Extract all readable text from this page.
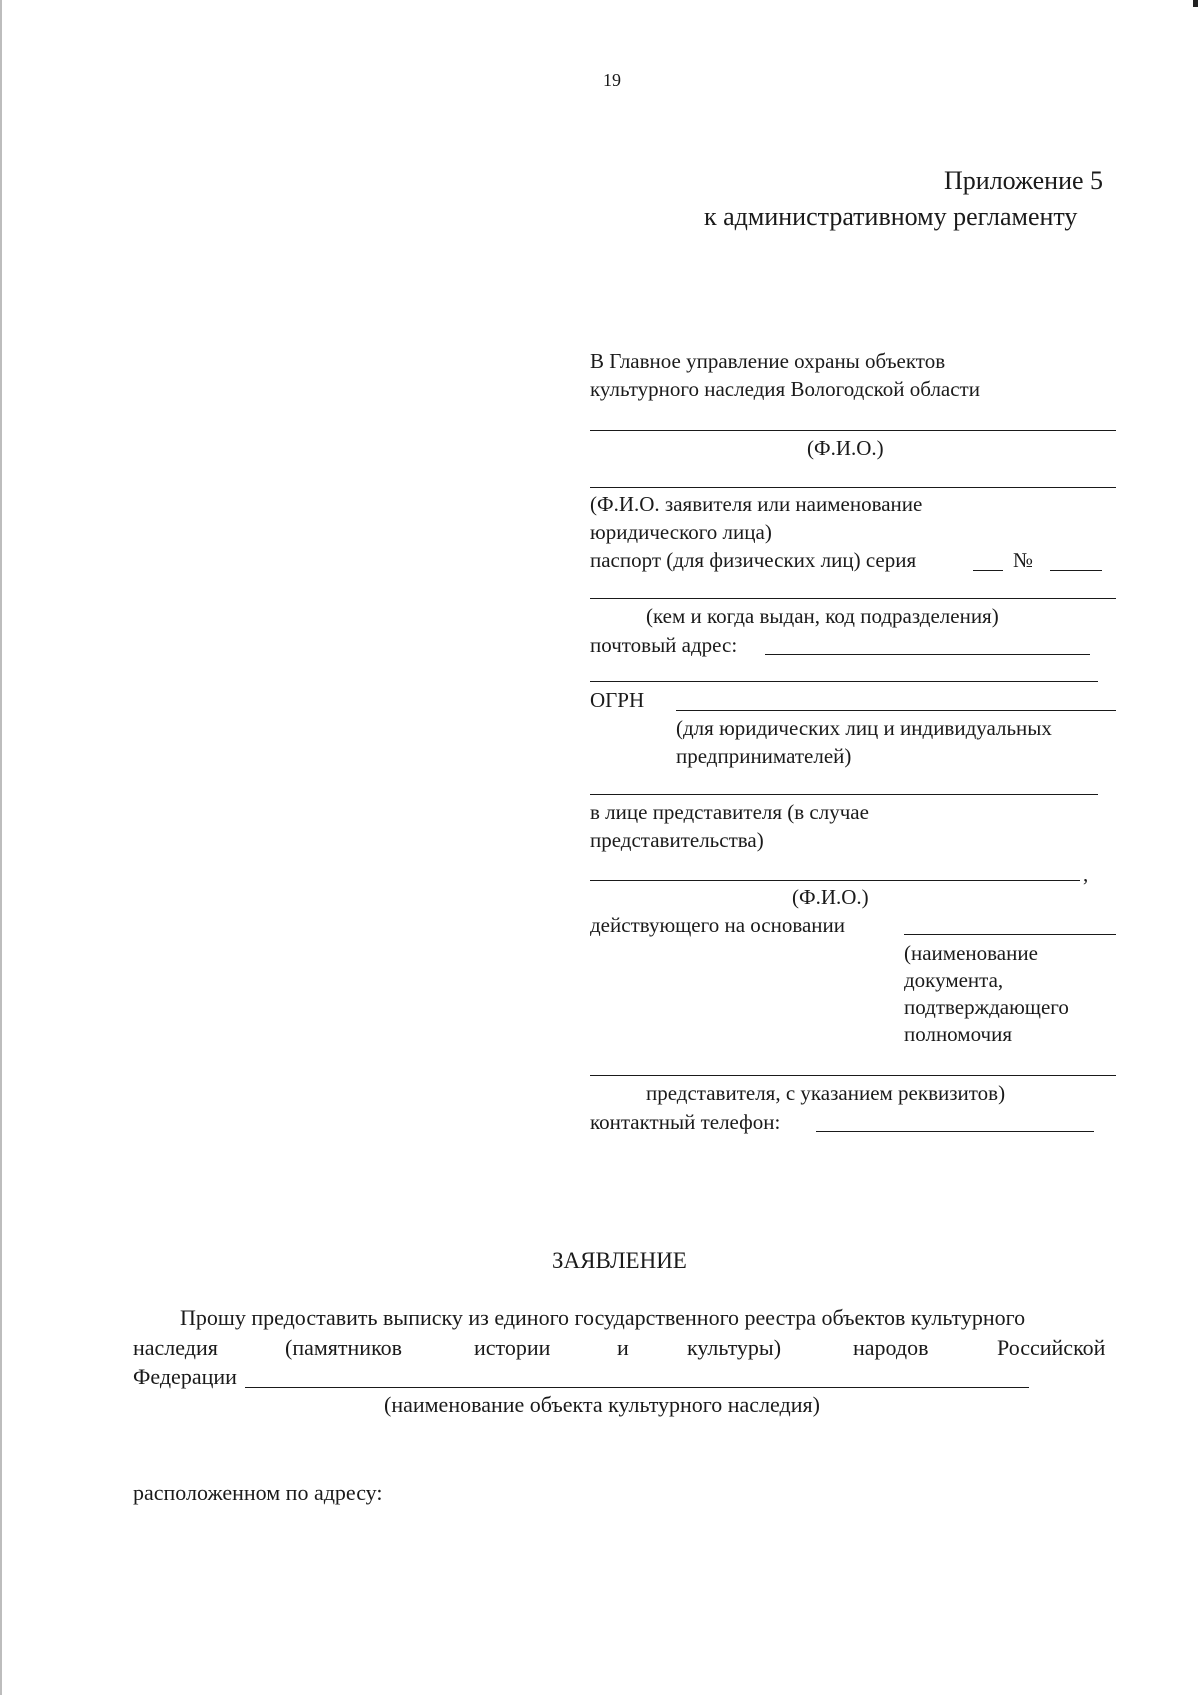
19
Приложение 5
к административному регламенту
В Главное управление охраны объектов
культурного наследия Вологодской области
(Ф.И.О.)
(Ф.И.О. заявителя или наименование
юридического лица)
паспорт (для физических лиц) серия	№
(кем и когда выдан, код подразделения)
почтовый адрес:
ОГРН
(для юридических лиц и индивидуальных
предпринимателей)
в лице представителя (в случае
представительства)
,
(Ф.И.О.)
действующего на основании
(наименование
документа,
подтверждающего
полномочия
представителя, с указанием реквизитов)
контактный телефон:
ЗАЯВЛЕНИЕ
Прошу предоставить выписку из единого государственного реестра объектов культурного
наследия	(памятников	истории	и	культуры)	народов	Российской
Федерации
(наименование объекта культурного наследия)
расположенном по адресу:
